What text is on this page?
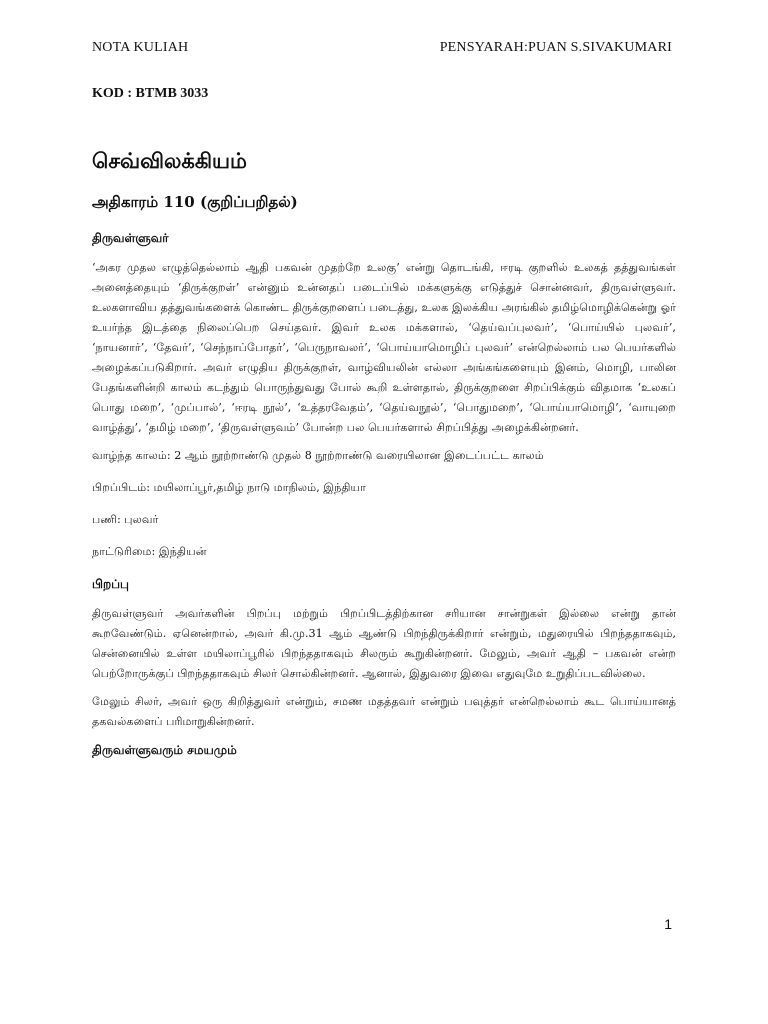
NOTA KULIAH	PENSYARAH:PUAN S.SIVAKUMARI
KOD : BTMB 3033
செவ்விலக்கியம்
அதிகாரம் 110 (குறிப்பறிதல்)
திருவள்ளுவர்

‘அகர முதல எழுத்தெல்லாம் ஆதி பகவன் முதற்றே உலகு’ என்று தொடங்கி, ஈரடி குறளில் உலகத் தத்துவங்கள் அனைத்தையும் ‘திருக்குறள்’ என்னும் உன்னதப் படைப்பில் மக்களுக்கு எடுத்துச் சொன்னவர், திருவள்ளுவர். உலகளாவிய தத்துவங்களைக் கொண்ட திருக்குறளைப் படைத்து, உலக இலக்கிய அரங்கில் தமிழ்மொழிக்கென்று ஓர் உயர்ந்த இடத்தை நிலைப்பெற செய்தவர். இவர் உலக மக்களால், ‘தெய்வப்புலவர்’, ‘பொய்யில் புலவர்’, ‘நாயனார்’, ‘தேவர்’, ‘செந்நாப்போதர்’, ‘பெருநாவலர்’, ‘பொய்யாமொழிப் புலவர்’ என்றெல்லாம் பல பெயர்களில் அழைக்கப்படுகிறார். அவர் எழுதிய திருக்குறள், வாழ்வியலின் எல்லா அங்கங்களையும் இனம், மொழி, பாலின பேதங்களின்றி காலம் கடந்தும் பொருந்துவது போல் கூறி உள்ளதால், திருக்குறளை சிறப்பிக்கும் விதமாக ‘உலகப் பொது மறை’, ‘முப்பால்’, ‘ஈரடி நூல்’, ‘உத்தரவேதம்’, ‘தெய்வநூல்’, ‘பொதுமறை’, ‘பொய்யாமொழி’, ‘வாயுறை வாழ்த்து’, ‘தமிழ் மறை’, ‘திருவள்ளுவம்’ போன்ற பல பெயர்களால் சிறப்பித்து அழைக்கின்றனர்.

வாழ்ந்த காலம்: 2 ஆம் நூற்றாண்டு முதல் 8 நூற்றாண்டு வரையிலான இடைப்பட்ட காலம்

பிறப்பிடம்: மயிலாப்பூர்,தமிழ் நாடு மாநிலம், இந்தியா

பணி: புலவர்

நாட்டுரிமை: இந்தியன்

பிறப்பு

திருவள்ளுவர் அவர்களின் பிறப்பு மற்றும் பிறப்பிடத்திற்கான சரியான சான்றுகள் இல்லை என்று தான் கூறவேண்டும். ஏனென்றால், அவர் கி.மு.31 ஆம் ஆண்டு பிறந்திருக்கிறார் என்றும், மதுரையில் பிறந்ததாகவும், சென்னையில் உள்ள மயிலாப்பூரில் பிறந்ததாகவும் சிலரும் கூறுகின்றனர். மேலும், அவர் ஆதி – பகவன் என்ற பெற்றோருக்குப் பிறந்ததாகவும் சிலர் சொல்கின்றனர். ஆனால், இதுவரை இவை எதுவுமே உறுதிப்படவில்லை.

மேலும் சிலர், அவர் ஒரு கிறித்துவர் என்றும், சமண மதத்தவர் என்றும் பவுத்தர் என்றெல்லாம் கூட பொய்யானத் தகவல்களைப் பரிமாறுகின்றனர்.

திருவள்ளுவரும் சமயமும்
1
